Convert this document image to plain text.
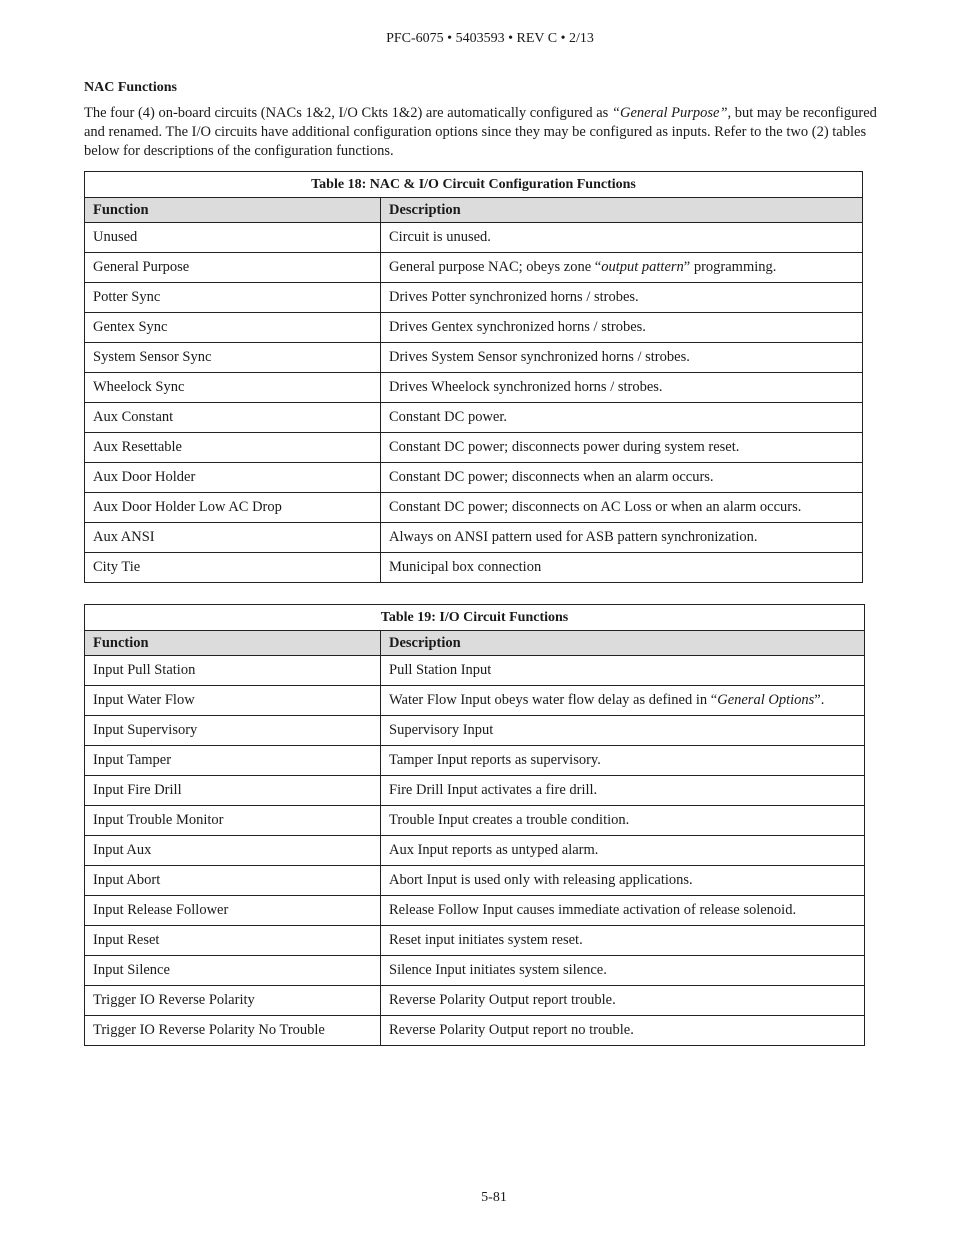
PFC-6075 • 5403593 • REV C • 2/13
NAC Functions

The four (4) on-board circuits (NACs 1&2, I/O Ckts 1&2) are automatically configured as “General Purpose”, but may be reconfigured and renamed. The I/O circuits have additional configuration options since they may be configured as inputs. Refer to the two (2) tables below for descriptions of the configuration functions.

Table 18: NAC & I/O Circuit Configuration Functions	
Function	Description
Unused	Circuit is unused.
General Purpose	General purpose NAC; obeys zone “output pattern” programming.
Potter Sync	Drives Potter synchronized horns / strobes.
Gentex Sync	Drives Gentex synchronized horns / strobes.
System Sensor Sync	Drives System Sensor synchronized horns / strobes.
Wheelock Sync	Drives Wheelock synchronized horns / strobes.
Aux Constant	Constant DC power.
Aux Resettable	Constant DC power; disconnects power during system reset.
Aux Door Holder	Constant DC power; disconnects when an alarm occurs.
Aux Door Holder Low AC Drop	Constant DC power; disconnects on AC Loss or when an alarm occurs.
Aux ANSI	Always on ANSI pattern used for ASB pattern synchronization.
City Tie	Municipal box connection
Table 19: I/O Circuit Functions	
Function	Description
Input Pull Station	Pull Station Input
Input Water Flow	Water Flow Input obeys water flow delay as defined in “General Options”.
Input Supervisory	Supervisory Input
Input Tamper	Tamper Input reports as supervisory.
Input Fire Drill	Fire Drill Input activates a fire drill.
Input Trouble Monitor	Trouble Input creates a trouble condition.
Input Aux	Aux Input reports as untyped alarm.
Input Abort	Abort Input is used only with releasing applications.
Input Release Follower	Release Follow Input causes immediate activation of release solenoid.
Input Reset	Reset input initiates system reset.
Input Silence	Silence Input initiates system silence.
Trigger IO Reverse Polarity	Reverse Polarity Output report trouble.
Trigger IO Reverse Polarity No Trouble	Reverse Polarity Output report no trouble.
5-81
